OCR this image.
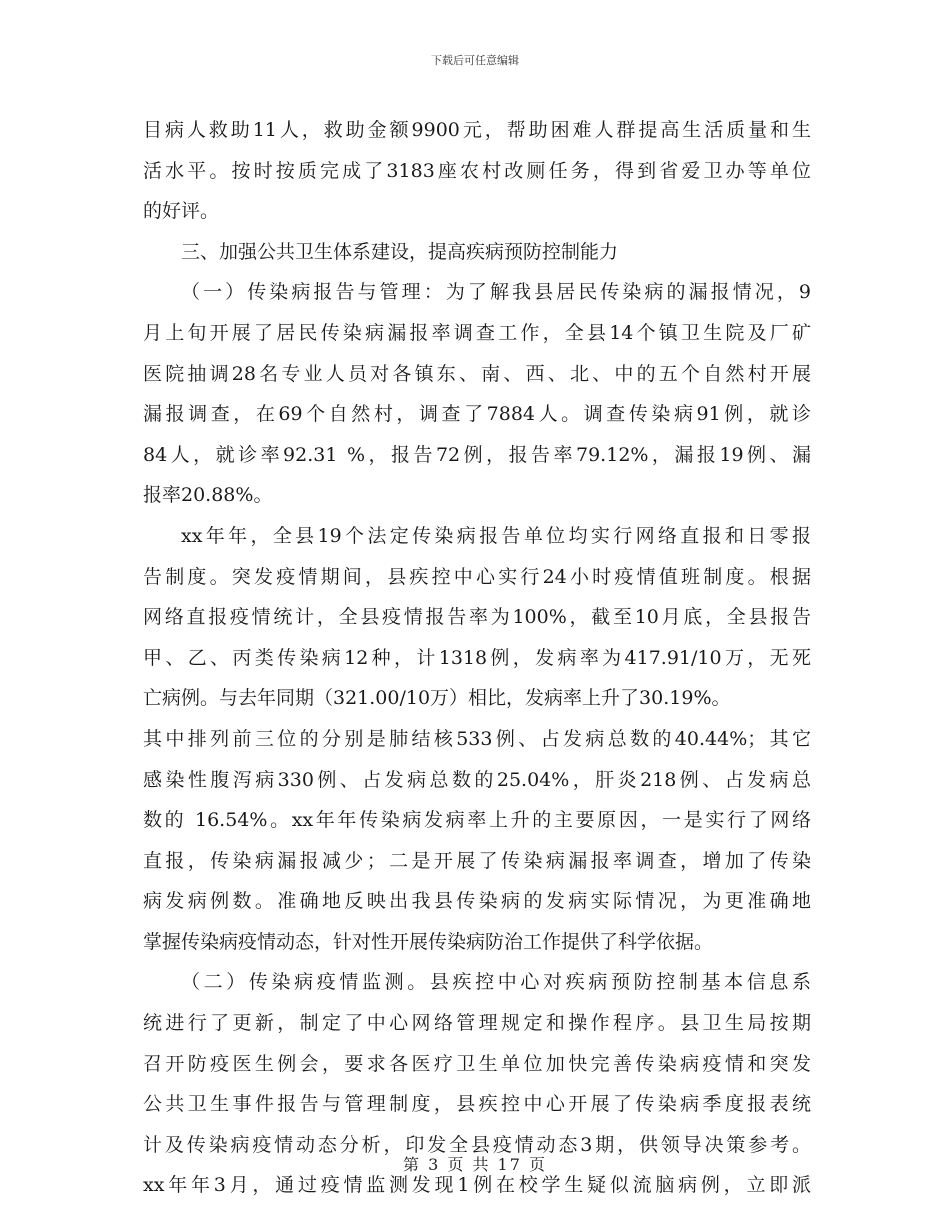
下载后可任意编辑
目病人救助11人，救助金额9900元，帮助困难人群提高生活质量和生
活水平。按时按质完成了3183座农村改厕任务，得到省爱卫办等单位
的好评。
三、加强公共卫生体系建设，提高疾病预防控制能力
（一）传染病报告与管理：为了解我县居民传染病的漏报情况，9
月上旬开展了居民传染病漏报率调查工作，全县14个镇卫生院及厂矿
医院抽调28名专业人员对各镇东、南、西、北、中的五个自然村开展
漏报调查，在69个自然村，调查了7884人。调查传染病91例，就诊
84人，就诊率92.31 %，报告72例，报告率79.12%，漏报19例、漏
报率20.88%。
xx年年，全县19个法定传染病报告单位均实行网络直报和日零报
告制度。突发疫情期间，县疾控中心实行24小时疫情值班制度。根据
网络直报疫情统计，全县疫情报告率为100%，截至10月底，全县报告
甲、乙、丙类传染病12种，计1318例，发病率为417.91/10万，无死
亡病例。与去年同期（321.00/10万）相比，发病率上升了30.19%。
其中排列前三位的分别是肺结核533例、占发病总数的40.44%；其它
感染性腹泻病330例、占发病总数的25.04%，肝炎218例、占发病总
数的 16.54%。xx年年传染病发病率上升的主要原因，一是实行了网络
直报，传染病漏报减少；二是开展了传染病漏报率调查，增加了传染
病发病例数。准确地反映出我县传染病的发病实际情况，为更准确地
掌握传染病疫情动态，针对性开展传染病防治工作提供了科学依据。
（二）传染病疫情监测。县疾控中心对疾病预防控制基本信息系
统进行了更新，制定了中心网络管理规定和操作程序。县卫生局按期
召开防疫医生例会，要求各医疗卫生单位加快完善传染病疫情和突发
公共卫生事件报告与管理制度，县疾控中心开展了传染病季度报表统
计及传染病疫情动态分析，印发全县疫情动态3期，供领导决策参考。
xx年年3月，通过疫情监测发现1例在校学生疑似流脑病例，立即派
第 3 页 共 17 页
